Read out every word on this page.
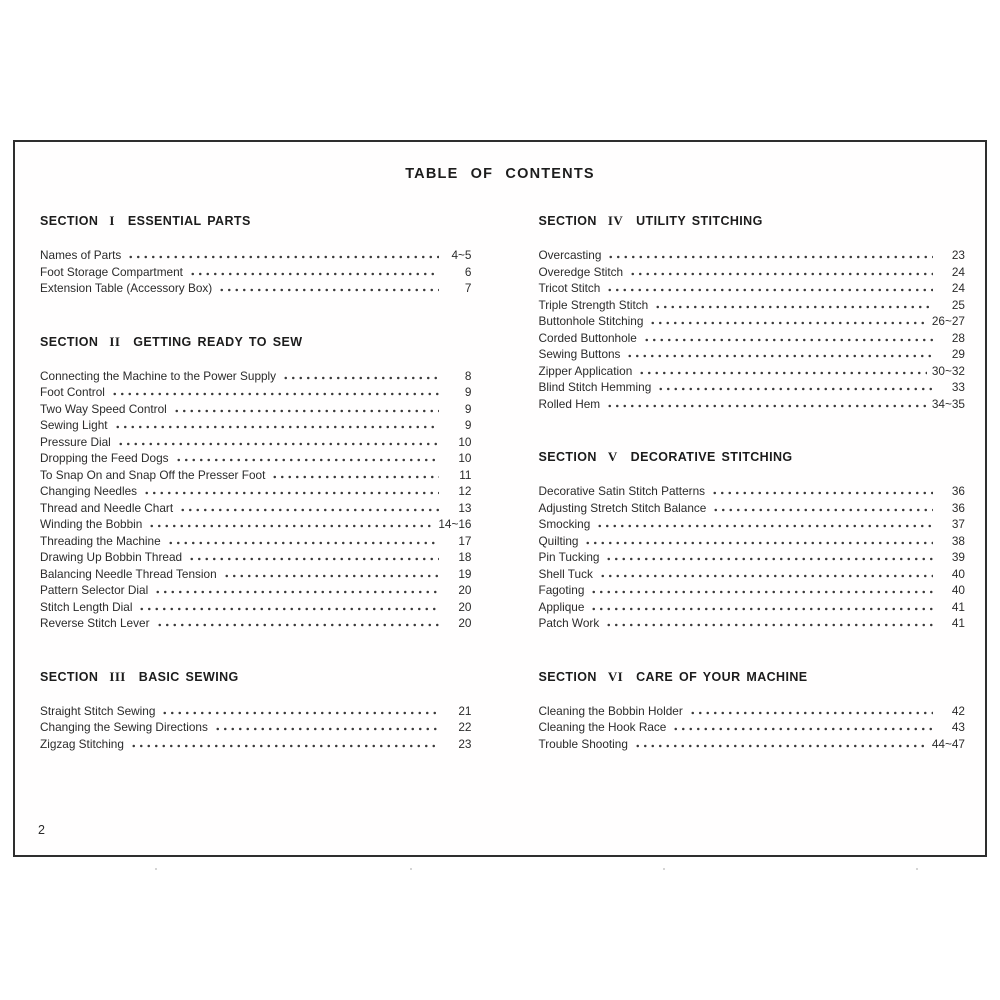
TABLE OF CONTENTS
SECTION I ESSENTIAL PARTS
Names of Parts	4~5
Foot Storage Compartment	6
Extension Table (Accessory Box)	7
SECTION II GETTING READY TO SEW
Connecting the Machine to the Power Supply	8
Foot Control	9
Two Way Speed Control	9
Sewing Light	9
Pressure Dial	10
Dropping the Feed Dogs	10
To Snap On and Snap Off the Presser Foot	11
Changing Needles	12
Thread and Needle Chart	13
Winding the Bobbin	14~16
Threading the Machine	17
Drawing Up Bobbin Thread	18
Balancing Needle Thread Tension	19
Pattern Selector Dial	20
Stitch Length Dial	20
Reverse Stitch Lever	20
SECTION III BASIC SEWING
Straight Stitch Sewing	21
Changing the Sewing Directions	22
Zigzag Stitching	23
SECTION IV UTILITY STITCHING
Overcasting	23
Overedge Stitch	24
Tricot Stitch	24
Triple Strength Stitch	25
Buttonhole Stitching	26~27
Corded Buttonhole	28
Sewing Buttons	29
Zipper Application	30~32
Blind Stitch Hemming	33
Rolled Hem	34~35
SECTION V DECORATIVE STITCHING
Decorative Satin Stitch Patterns	36
Adjusting Stretch Stitch Balance	36
Smocking	37
Quilting	38
Pin Tucking	39
Shell Tuck	40
Fagoting	40
Applique	41
Patch Work	41
SECTION VI CARE OF YOUR MACHINE
Cleaning the Bobbin Holder	42
Cleaning the Hook Race	43
Trouble Shooting	44~47
2
